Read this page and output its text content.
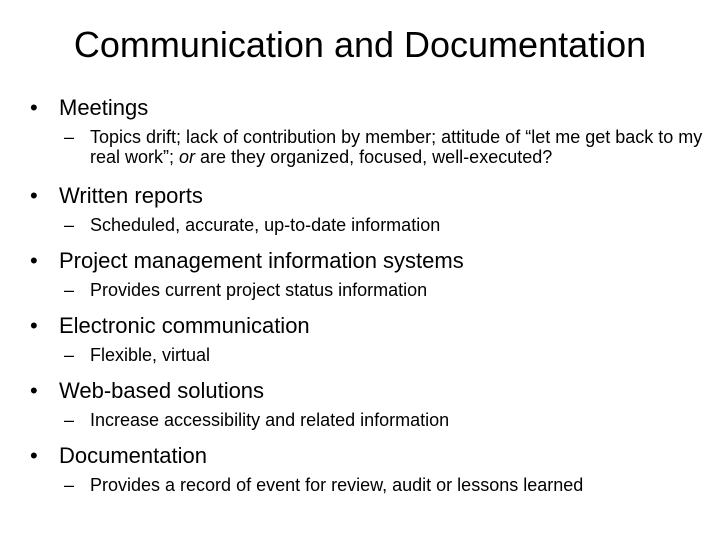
Communication and Documentation
• Meetings
– Topics drift; lack of contribution by member; attitude of “let me get back to my real work”; or are they organized, focused, well-executed?
• Written reports
– Scheduled, accurate, up-to-date information
• Project management information systems
– Provides current project status information
• Electronic communication
– Flexible, virtual
• Web-based solutions
– Increase accessibility and related information
• Documentation
– Provides a record of event for review, audit or lessons learned
